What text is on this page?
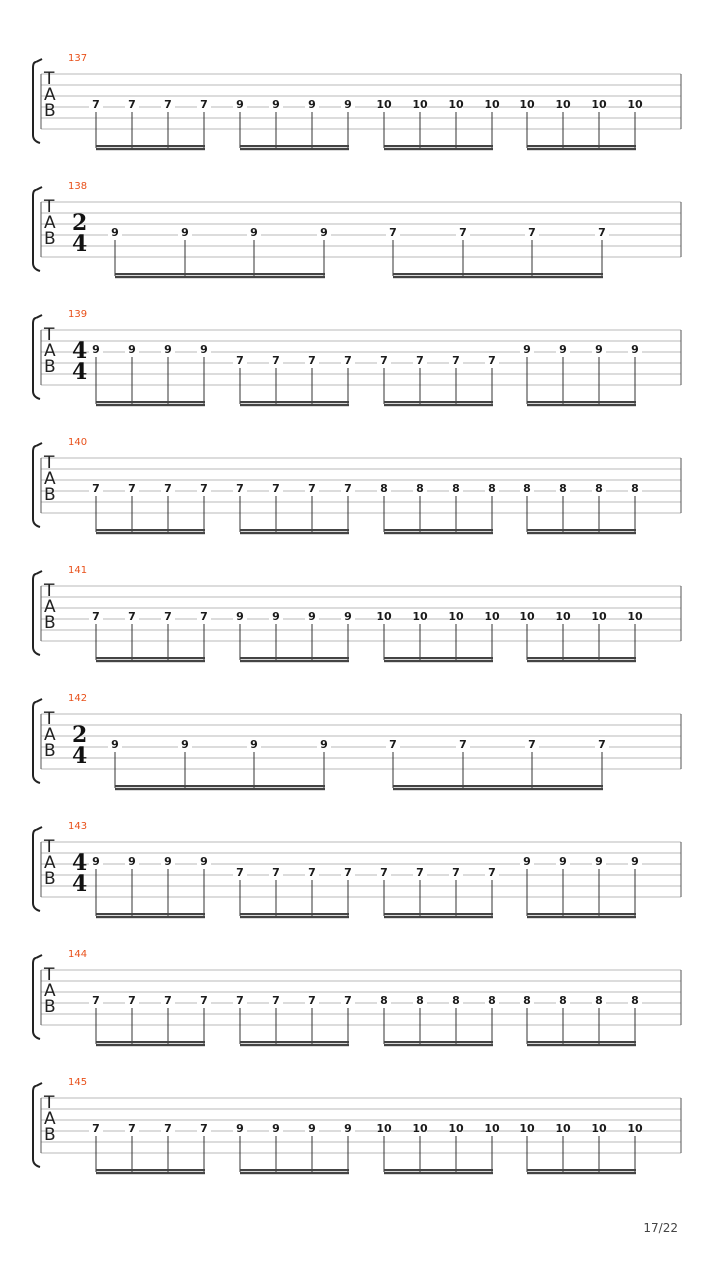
137
T
A
B	7	7	7	7	9	9	9	9 10 10 10 10 10 10 10 10
138
T
A
B
2
4 9	9	9	9	7	7	7	7
139
T
A
B
4
4
9	9	9	9
7	7	7	7	7	7	7	7
9	9	9	9
140
T
A
B	7	7	7	7	7	7	7	7	8	8	8	8 8	8	8	8
141
T
A
B	7	7	7	7	9	9	9	9 10 10 10 10 10 10 10 10
142
T
A
B
2
4 9	9	9	9	7	7	7	7
143
T
A
B
4
4
9	9	9	9
7	7	7	7	7	7	7	7
9	9	9	9
144
T
A
B	7	7	7	7	7	7	7	7	8	8	8	8 8	8	8	8
145
T
A
B	7	7	7	7	9	9	9	9 10 10 10 10 10 10 10 10
17/22
